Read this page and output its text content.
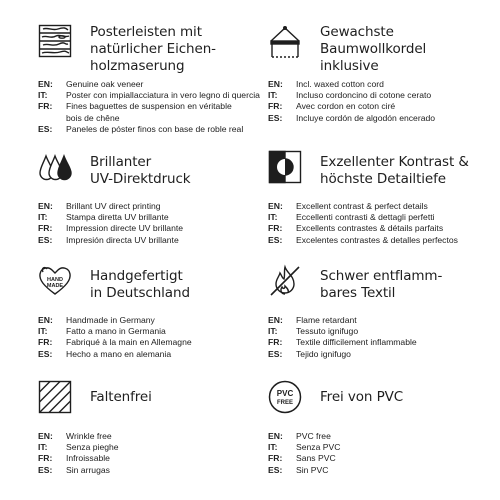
Posterleisten mit
natürlicher Eichen-
holzmaserung
EN:	Genuine oak veneer
IT:	Poster con impiallacciatura in vero legno di quercia
FR:	Fines baguettes de suspension en véritable
bois de chêne
ES:	Paneles de póster finos con base de roble real
Gewachste
Baumwollkordel
inklusive
EN:	Incl. waxed cotton cord
IT:	Incluso cordoncino di cotone cerato
FR:	Avec cordon en coton ciré
ES:	Incluye cordón de algodón encerado
Brillanter
UV-Direktdruck
EN:	Brillant UV direct printing
IT:	Stampa diretta UV brillante
FR:	Impression directe UV brillante
ES:	Impresión directa UV brillante
Exzellenter Kontrast &
höchste Detailtiefe
EN:	Excellent contrast & perfect details
IT:	Eccellenti contrasti & dettagli perfetti
FR:	Excellents contrastes & détails parfaits
ES:	Excelentes contrastes & detalles perfectos
HAND
MADE
Handgefertigt
in Deutschland
EN:	Handmade in Germany
IT:	Fatto a mano in Germania
FR:	Fabriqué à la main en Allemagne
ES:	Hecho a mano en alemania
Schwer entflamm-
bares Textil
EN:	Flame retardant
IT:	Tessuto ignifugo
FR:	Textile difficilement inflammable
ES:	Tejido ignifugo
Faltenfrei
EN:	Wrinkle free
IT:	Senza pieghe
FR:	Infroissable
ES:	Sin arrugas
PVC
FREE Frei von PVC
EN:	PVC free
IT:	Senza PVC
FR:	Sans PVC
ES:	Sin PVC
